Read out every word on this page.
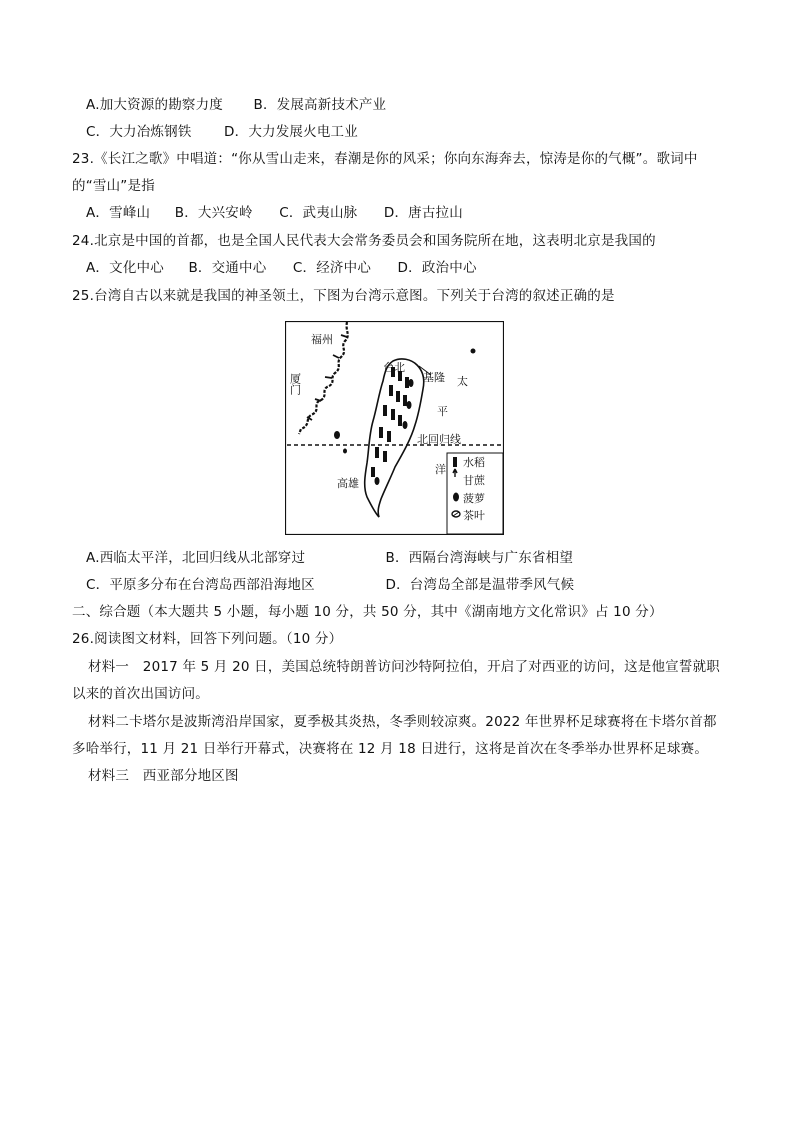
A.加大资源的勘察力度 B．发展高新技术产业
C．大力冶炼钢铁 D．大力发展火电工业
23.《长江之歌》中唱道：“你从雪山走来，春潮是你的风采；你向东海奔去，惊涛是你的气概”。歌词中
的“雪山”是指
A．雪峰山 B．大兴安岭 C．武夷山脉 D．唐古拉山
24.北京是中国的首都，也是全国人民代表大会常务委员会和国务院所在地，这表明北京是我国的
A．文化中心 B．交通中心 C．经济中心 D．政治中心
25.台湾自古以来就是我国的神圣领土，下图为台湾示意图。下列关于台湾的叙述正确的是
福州
厦门
台北
基隆 太
平
洋
北回归线
高雄
水稻
甘蔗
菠萝
茶叶
A.西临太平洋，北回归线从北部穿过	B．西隔台湾海峡与广东省相望
C．平原多分布在台湾岛西部沿海地区	D．台湾岛全部是温带季风气候
二、综合题（本大题共 5 小题，每小题 10 分，共 50 分，其中《湖南地方文化常识》占 10 分）
26.阅读图文材料，回答下列问题。（10 分）
材料一　2017 年 5 月 20 日，美国总统特朗普访问沙特阿拉伯，开启了对西亚的访问，这是他宣誓就职
以来的首次出国访问。
材料二卡塔尔是波斯湾沿岸国家，夏季极其炎热，冬季则较凉爽。2022 年世界杯足球赛将在卡塔尔首都
多哈举行，11 月 21 日举行开幕式，决赛将在 12 月 18 日进行，这将是首次在冬季举办世界杯足球赛。
材料三　西亚部分地区图
